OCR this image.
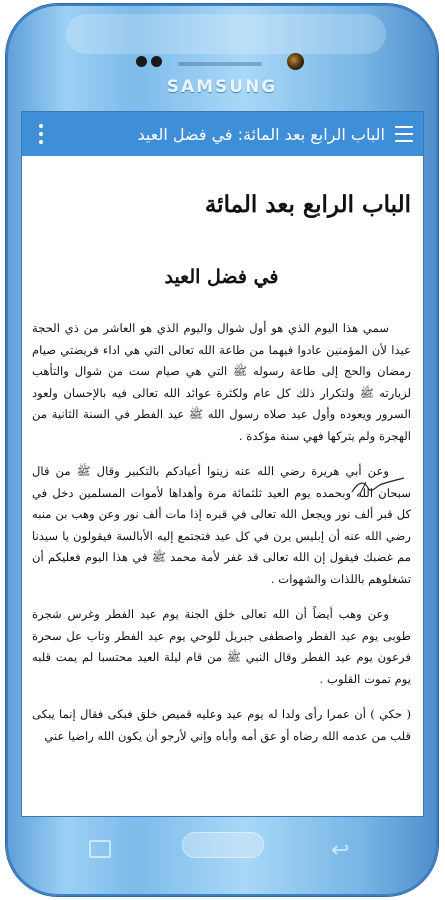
SAMSUNG
الباب الرابع بعد المائة: في فضل العيد
الباب الرابع بعد المائة
في فضل العيد

سمي هذا اليوم الذي هو أول شوال واليوم الذي هو العاشر من ذي الحجة عيدا لأن المؤمنين عادوا فيهما من طاعة الله تعالى التي هي اداء فريضتي صيام رمضان والحج إلى طاعة رسوله ﷺ التي هي صيام ست من شوال والتأهب لزيارته ﷺ ولتكرار ذلك كل عام ولكثرة عوائد الله تعالى فيه بالإحسان ولعود السرور ويعوده وأول عيد صلاه رسول الله ﷺ عيد الفطر في السنة الثانية من الهجرة ولم يتركها فهي سنة مؤكدة .

وعن أبي هريرة رضي الله عنه زينوا أعيادكم بالتكبير وقال ﷺ من قال سبحان الله وبحمده يوم العيد ثلثمائة مرة وأهداها لأموات المسلمين دخل في كل قبر ألف نور ويجعل الله تعالى في قبره إذا مات ألف نور وعن وهب بن منبه رضي الله عنه أن إبليس يرن في كل عيد فتجتمع إليه الأبالسة فيقولون يا سيدنا مم غضبك فيقول إن الله تعالى قد غفر لأمة محمد ﷺ في هذا اليوم فعليكم أن تشغلوهم باللذات والشهوات .

وعن وهب أيضاً أن الله تعالى خلق الجنة يوم عيد الفطر وغرس شجرة طوبى يوم عيد الفطر واصطفى جبريل للوحي يوم عيد الفطر وتاب عل سحرة فرعون يوم عيد الفطر وقال النبي ﷺ من قام ليلة العيد محتسبا لم يمت قلبه يوم تموت القلوب .

( حكي ) أن عمرا رأى ولدا له يوم عيد وعليه قميص خلق فبكى فقال إنما يبكى قلب من عدمه الله رضاه أو عق أمه وأباه وإني لأرجو أن يكون الله راضيا عني

↩
